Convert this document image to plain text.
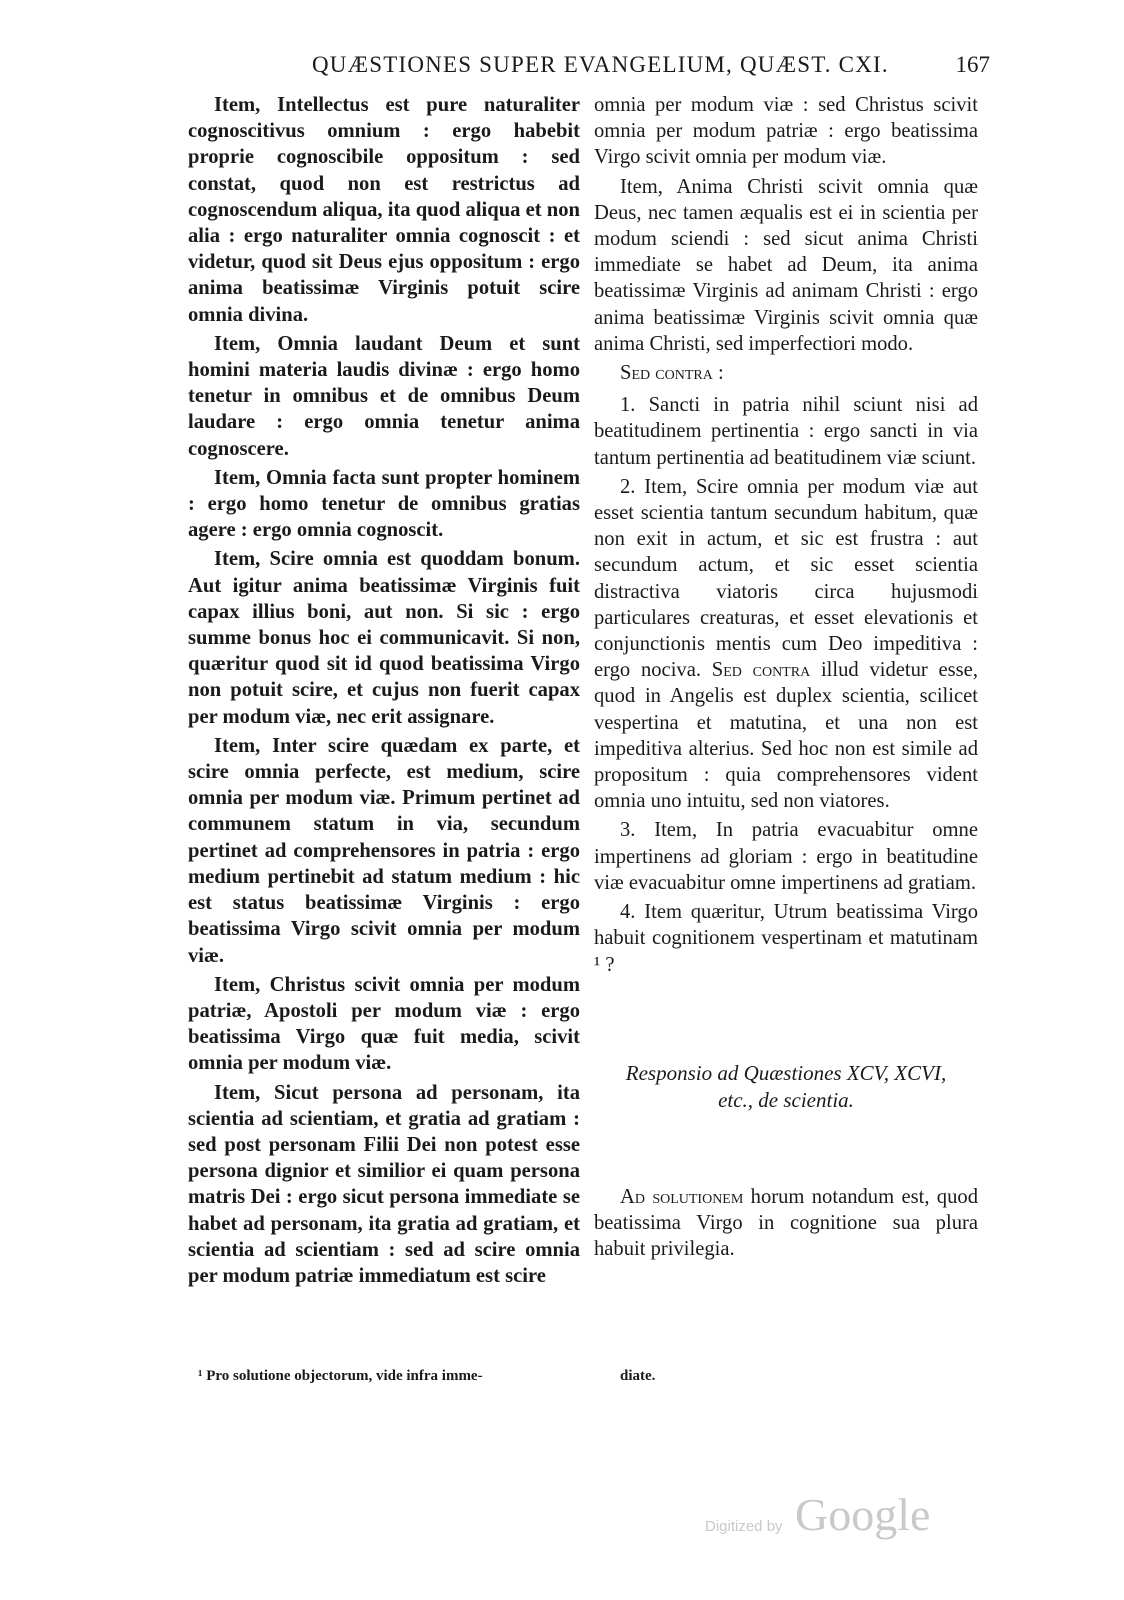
QUÆSTIONES SUPER EVANGELIUM, QUÆST. CXI.	167

Item, Intellectus est pure naturaliter cognoscitivus omnium : ergo habebit proprie cognoscibile oppositum : sed constat, quod non est restrictus ad cognoscendum aliqua, ita quod aliqua et non alia : ergo naturaliter omnia cognoscit : et videtur, quod sit Deus ejus oppositum : ergo anima beatissimæ Virginis potuit scire omnia divina.

Item, Omnia laudant Deum et sunt homini materia laudis divinæ : ergo homo tenetur in omnibus et de omnibus Deum laudare : ergo omnia tenetur anima cognoscere.

Item, Omnia facta sunt propter hominem : ergo homo tenetur de omnibus gratias agere : ergo omnia cognoscit.

Item, Scire omnia est quoddam bonum. Aut igitur anima beatissimæ Virginis fuit capax illius boni, aut non. Si sic : ergo summe bonus hoc ei communicavit. Si non, quæritur quod sit id quod beatissima Virgo non potuit scire, et cujus non fuerit capax per modum viæ, nec erit assignare.

Item, Inter scire quædam ex parte, et scire omnia perfecte, est medium, scire omnia per modum viæ. Primum pertinet ad communem statum in via, secundum pertinet ad comprehensores in patria : ergo medium pertinebit ad statum medium : hic est status beatissimæ Virginis : ergo beatissima Virgo scivit omnia per modum viæ.

Item, Christus scivit omnia per modum patriæ, Apostoli per modum viæ : ergo beatissima Virgo quæ fuit media, scivit omnia per modum viæ.

Item, Sicut persona ad personam, ita scientia ad scientiam, et gratia ad gratiam : sed post personam Filii Dei non potest esse persona dignior et similior ei quam persona matris Dei : ergo sicut persona immediate se habet ad personam, ita gratia ad gratiam, et scientia ad scientiam : sed ad scire omnia per modum patriæ immediatum est scire

omnia per modum viæ : sed Christus scivit omnia per modum patriæ : ergo beatissima Virgo scivit omnia per modum viæ.

Item, Anima Christi scivit omnia quæ Deus, nec tamen æqualis est ei in scientia per modum sciendi : sed sicut anima Christi immediate se habet ad Deum, ita anima beatissimæ Virginis ad animam Christi : ergo anima beatissimæ Virginis scivit omnia quæ anima Christi, sed imperfectiori modo.

Sed contra :

1. Sancti in patria nihil sciunt nisi ad beatitudinem pertinentia : ergo sancti in via tantum pertinentia ad beatitudinem viæ sciunt.

2. Item, Scire omnia per modum viæ aut esset scientia tantum secundum habitum, quæ non exit in actum, et sic est frustra : aut secundum actum, et sic esset scientia distractiva viatoris circa hujusmodi particulares creaturas, et esset elevationis et conjunctionis mentis cum Deo impeditiva : ergo nociva. Sed contra illud videtur esse, quod in Angelis est duplex scientia, scilicet vespertina et matutina, et una non est impeditiva alterius. Sed hoc non est simile ad propositum : quia comprehensores vident omnia uno intuitu, sed non viatores.

3. Item, In patria evacuabitur omne impertinens ad gloriam : ergo in beatitudine viæ evacuabitur omne impertinens ad gratiam.

4. Item quæritur, Utrum beatissima Virgo habuit cognitionem vespertinam et matutinam ¹ ?

Responsio ad Quæstiones XCV, XCVI,
etc., de scientia.

Ad solutionem horum notandum est, quod beatissima Virgo in cognitione sua plura habuit privilegia.

¹ Pro solutione objectorum, vide infra imme-	diate.
Digitized by Google
